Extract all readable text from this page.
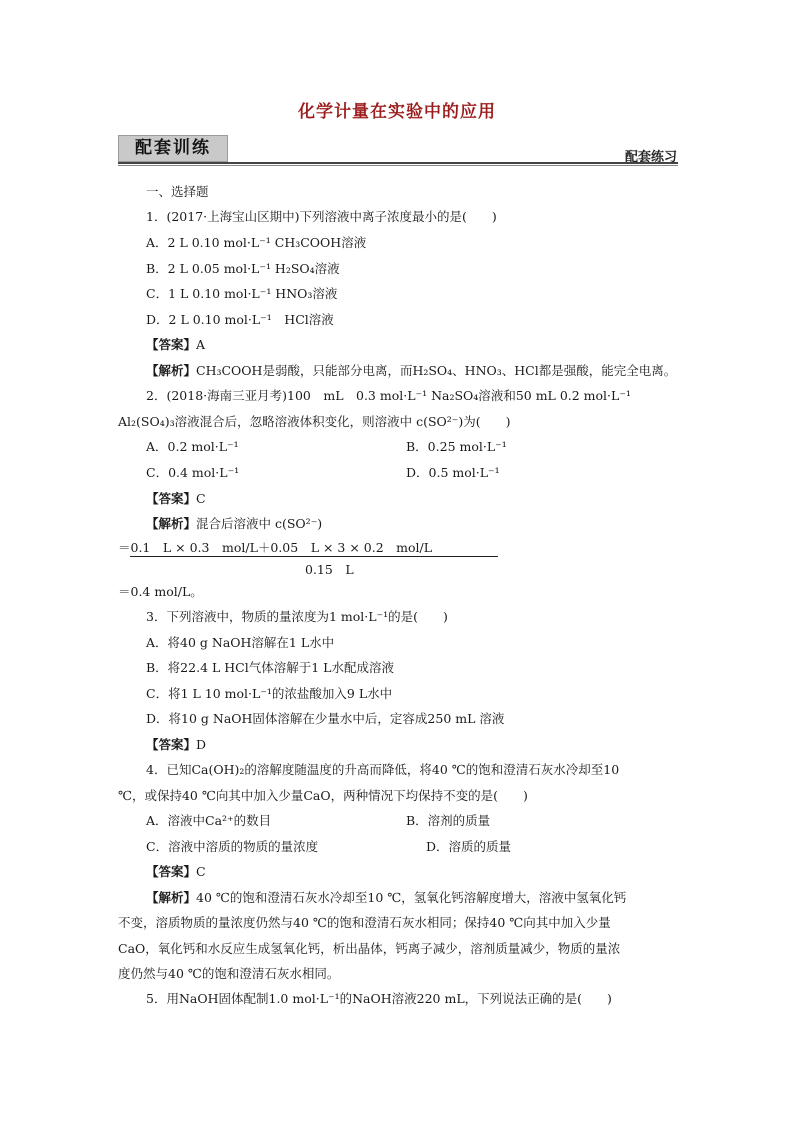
化学计量在实验中的应用
配套训练	配套练习
一、选择题
1．(2017·上海宝山区期中)下列溶液中离子浓度最小的是(　　)
A．2 L 0.10 mol·L⁻¹ CH₃COOH溶液
B．2 L 0.05 mol·L⁻¹ H₂SO₄溶液
C．1 L 0.10 mol·L⁻¹ HNO₃溶液
D．2 L 0.10 mol·L⁻¹　HCl溶液
【答案】A
【解析】CH₃COOH是弱酸，只能部分电离，而H₂SO₄、HNO₃、HCl都是强酸，能完全电离。
2．(2018·海南三亚月考)100　mL　0.3 mol·L⁻¹ Na₂SO₄溶液和50 mL 0.2 mol·L⁻¹
Al₂(SO₄)₃溶液混合后，忽略溶液体积变化，则溶液中 c(SO²⁻)为(　　)
A．0.2 mol·L⁻¹	B．0.25 mol·L⁻¹
C．0.4 mol·L⁻¹	D．0.5 mol·L⁻¹
【答案】C
【解析】混合后溶液中 c(SO²⁻)
＝0.1　L × 0.3　mol/L＋0.05　L × 3 × 0.2　mol/L
0.15　L
＝0.4 mol/L。
3．下列溶液中，物质的量浓度为1 mol·L⁻¹的是(　　)
A．将40 g NaOH溶解在1 L水中
B．将22.4 L HCl气体溶解于1 L水配成溶液
C．将1 L 10 mol·L⁻¹的浓盐酸加入9 L水中
D．将10 g NaOH固体溶解在少量水中后，定容成250 mL 溶液
【答案】D
4．已知Ca(OH)₂的溶解度随温度的升高而降低，将40 ℃的饱和澄清石灰水冷却至10
℃，或保持40 ℃向其中加入少量CaO，两种情况下均保持不变的是(　　)
A．溶液中Ca²⁺的数目	B．溶剂的质量
C．溶液中溶质的物质的量浓度	D．溶质的质量
【答案】C
【解析】40 ℃的饱和澄清石灰水冷却至10 ℃，氢氧化钙溶解度增大，溶液中氢氧化钙
不变，溶质物质的量浓度仍然与40 ℃的饱和澄清石灰水相同；保持40 ℃向其中加入少量
CaO，氧化钙和水反应生成氢氧化钙，析出晶体，钙离子减少，溶剂质量减少，物质的量浓
度仍然与40 ℃的饱和澄清石灰水相同。
5．用NaOH固体配制1.0 mol·L⁻¹的NaOH溶液220 mL，下列说法正确的是(　　)
